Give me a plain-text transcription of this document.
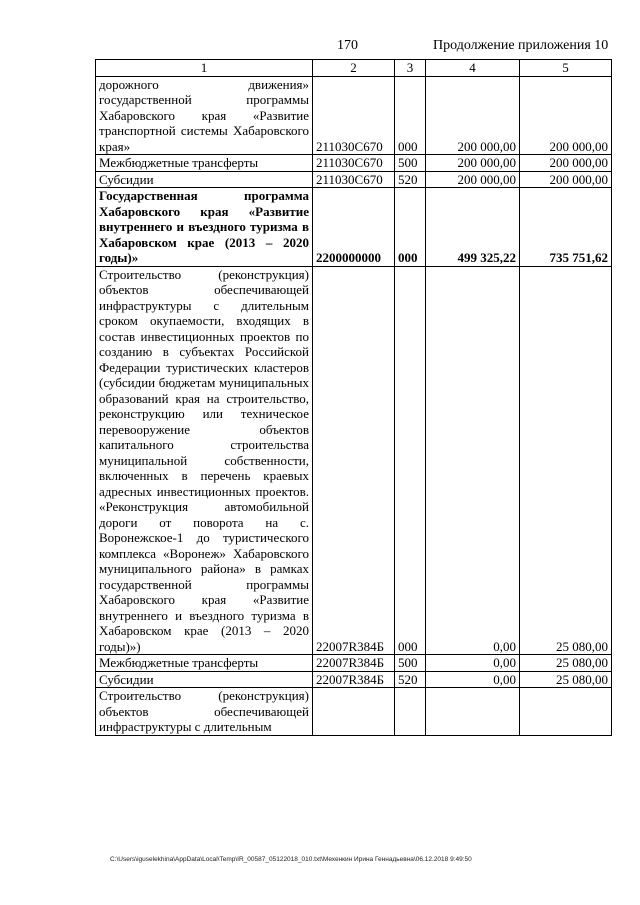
170	Продолжение приложения 10
1	2	3	4	5
дорожного движения» государственной программы Хабаровского края «Развитие транспортной системы Хабаровского края»	211030С670	000	200 000,00	200 000,00
Межбюджетные трансферты	211030С670	500	200 000,00	200 000,00
Субсидии	211030С670	520	200 000,00	200 000,00
Государственная программа Хабаровского края «Развитие внутреннего и въездного туризма в Хабаровском крае (2013 – 2020 годы)»	2200000000	000	499 325,22	735 751,62
Строительство (реконструкция) объектов обеспечивающей инфраструктуры с длительным сроком окупаемости, входящих в состав инвестиционных проектов по созданию в субъектах Российской Федерации туристических кластеров (субсидии бюджетам муниципальных образований края на строительство, реконструкцию или техническое перевооружение объектов капитального строительства муниципальной собственности, включенных в перечень краевых адресных инвестиционных проектов. «Реконструкция автомобильной дороги от поворота на с. Воронежское-1 до туристического комплекса «Воронеж» Хабаровского муниципального района» в рамках государственной программы Хабаровского края «Развитие внутреннего и въездного туризма в Хабаровском крае (2013 – 2020 годы)»)	22007R384Б	000	0,00	25 080,00
Межбюджетные трансферты	22007R384Б	500	0,00	25 080,00
Субсидии	22007R384Б	520	0,00	25 080,00
Строительство (реконструкция) объектов обеспечивающей инфраструктуры с длительным				
C:\Users\iguselekhina\AppData\Local\Temp\IR_00587_05122018_010.txt\Мехенкин Ирина Геннадьевна\06.12.2018 9:49:50
